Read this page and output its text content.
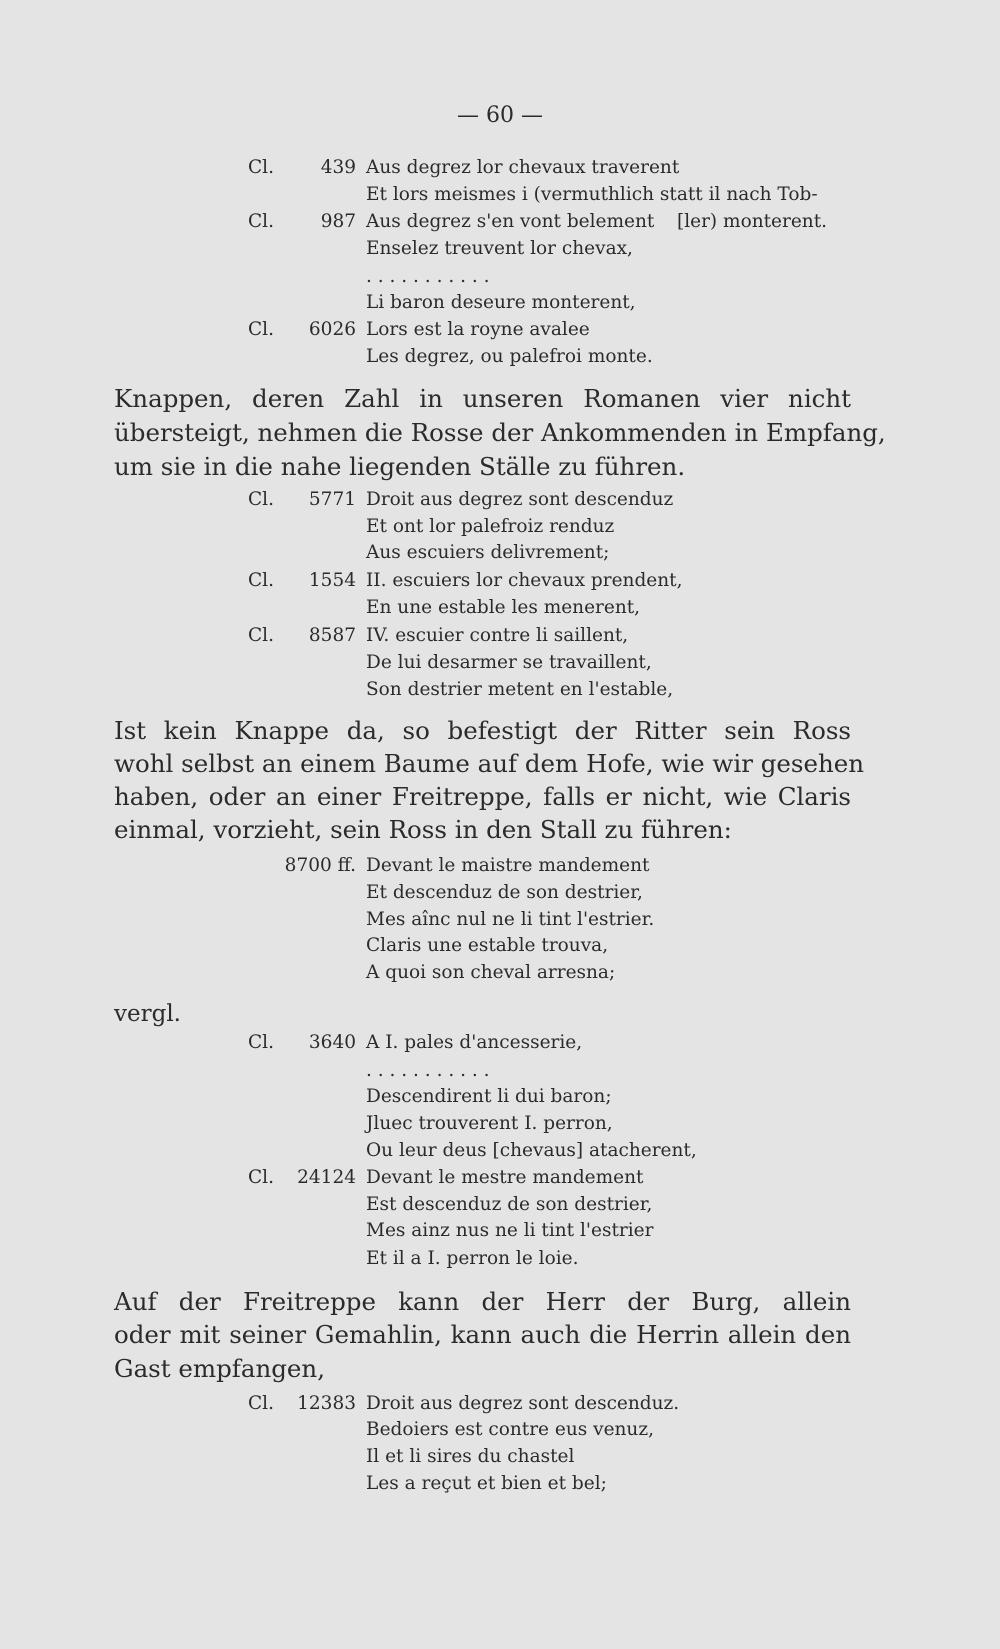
— 60 —
Cl.	439 Aus degrez lor chevaux traverent
Et lors meismes i (vermuthlich statt il nach Tob-
Cl.	987 Aus degrez s'en vont belement [ler) monterent.
Enselez treuvent lor chevax,
. . . . . . . . . . .
Li baron deseure monterent,
Cl. 6026 Lors est la royne avalee
Les degrez, ou palefroi monte.
Knappen, deren Zahl in unseren Romanen vier nicht
übersteigt, nehmen die Rosse der Ankommenden in Empfang,
um sie in die nahe liegenden Ställe zu führen.
Cl. 5771 Droit aus degrez sont descenduz
Et ont lor palefroiz renduz
Aus escuiers delivrement;
Cl. 1554 II. escuiers lor chevaux prendent,
En une estable les menerent,
Cl. 8587 IV. escuier contre li saillent,
De lui desarmer se travaillent,
Son destrier metent en l'estable,
Ist kein Knappe da, so befestigt der Ritter sein Ross
wohl selbst an einem Baume auf dem Hofe, wie wir gesehen
haben, oder an einer Freitreppe, falls er nicht, wie Claris
einmal, vorzieht, sein Ross in den Stall zu führen:
8700 ff. Devant le maistre mandement
Et descenduz de son destrier,
Mes aînc nul ne li tint l'estrier.
Claris une estable trouva,
A quoi son cheval arresna;
vergl.
Cl. 3640 A I. pales d'ancesserie,
. . . . . . . . . . .
Descendirent li dui baron;
Jluec trouverent I. perron,
Ou leur deus [chevaus] atacherent,
Cl. 24124 Devant le mestre mandement
Est descenduz de son destrier,
Mes ainz nus ne li tint l'estrier
Et il a I. perron le loie.
Auf der Freitreppe kann der Herr der Burg, allein
oder mit seiner Gemahlin, kann auch die Herrin allein den
Gast empfangen,
Cl. 12383 Droit aus degrez sont descenduz.
Bedoiers est contre eus venuz,
Il et li sires du chastel
Les a reçut et bien et bel;
